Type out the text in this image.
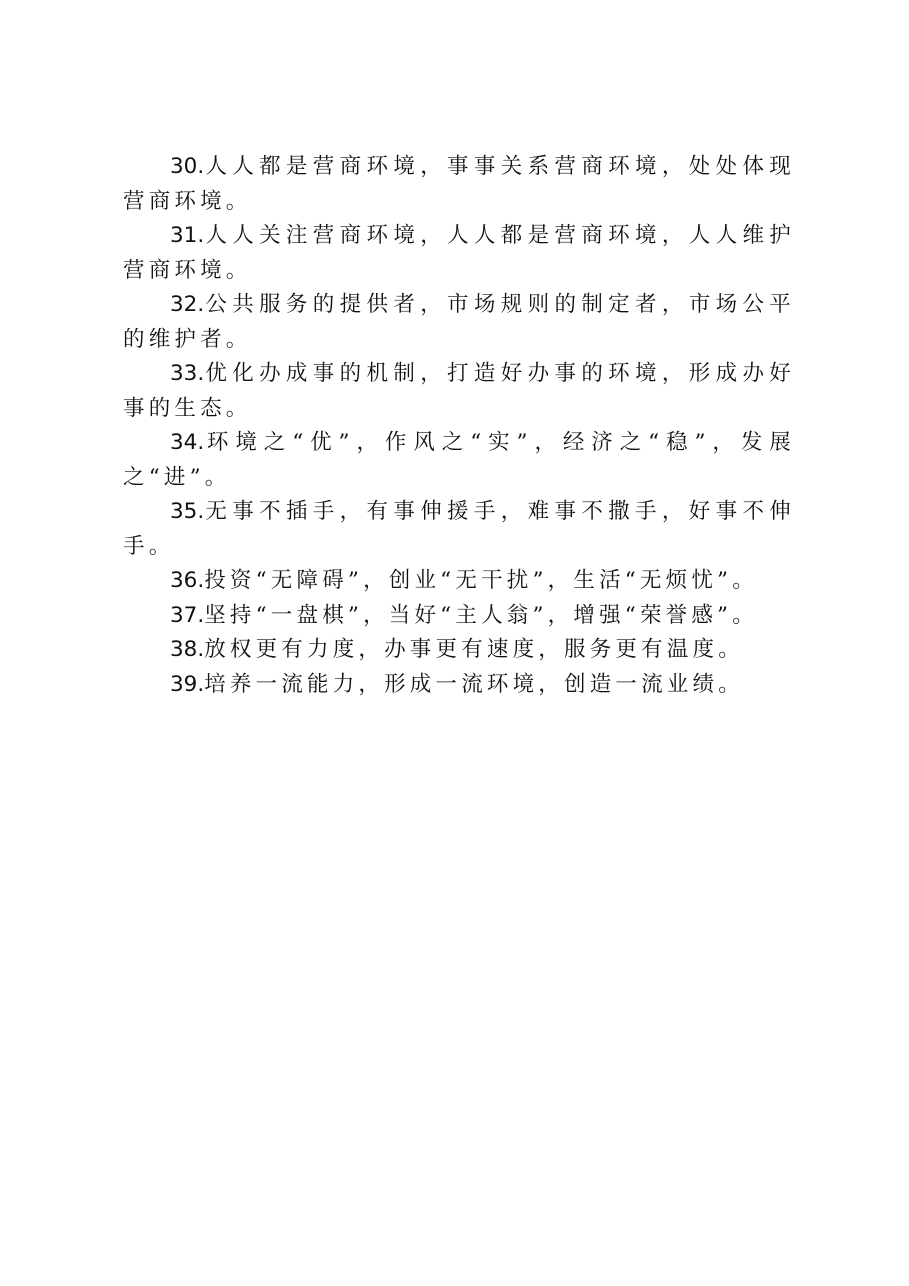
30.人人都是营商环境，事事关系营商环境，处处体现营商环境。

31.人人关注营商环境，人人都是营商环境，人人维护营商环境。

32.公共服务的提供者，市场规则的制定者，市场公平的维护者。

33.优化办成事的机制，打造好办事的环境，形成办好事的生态。

34.环境之“优”，作风之“实”，经济之“稳”，发展之“进”。

35.无事不插手，有事伸援手，难事不撒手，好事不伸手。

36.投资“无障碍”，创业“无干扰”，生活“无烦忧”。

37.坚持“一盘棋”，当好“主人翁”，增强“荣誉感”。

38.放权更有力度，办事更有速度，服务更有温度。

39.培养一流能力，形成一流环境，创造一流业绩。
